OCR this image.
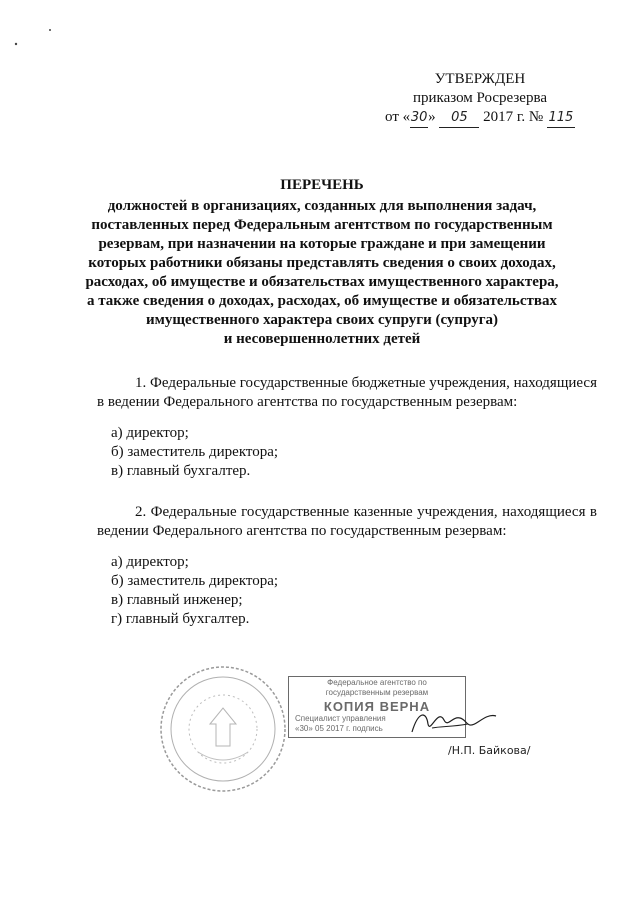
УТВЕРЖДЕН
приказом Росрезерва
от «30» 05 2017 г. № 115
ПЕРЕЧЕНЬ
должностей в организациях, созданных для выполнения задач,
поставленных перед Федеральным агентством по государственным
резервам, при назначении на которые граждане и при замещении
которых работники обязаны представлять сведения о своих доходах,
расходах, об имуществе и обязательствах имущественного характера,
а также сведения о доходах, расходах, об имуществе и обязательствах
имущественного характера своих супруги (супруга)
и несовершеннолетних детей
1. Федеральные государственные бюджетные учреждения, находящиеся в ведении Федерального агентства по государственным резервам:
а) директор;
б) заместитель директора;
в) главный бухгалтер.
2. Федеральные государственные казенные учреждения, находящиеся в ведении Федерального агентства по государственным резервам:
а) директор;
б) заместитель директора;
в) главный инженер;
г) главный бухгалтер.
Федеральное агентство по
государственным резервам
КОПИЯ ВЕРНА
Специалист управления
«30» 05 2017 г. подпись
/Н.П. Байкова/
